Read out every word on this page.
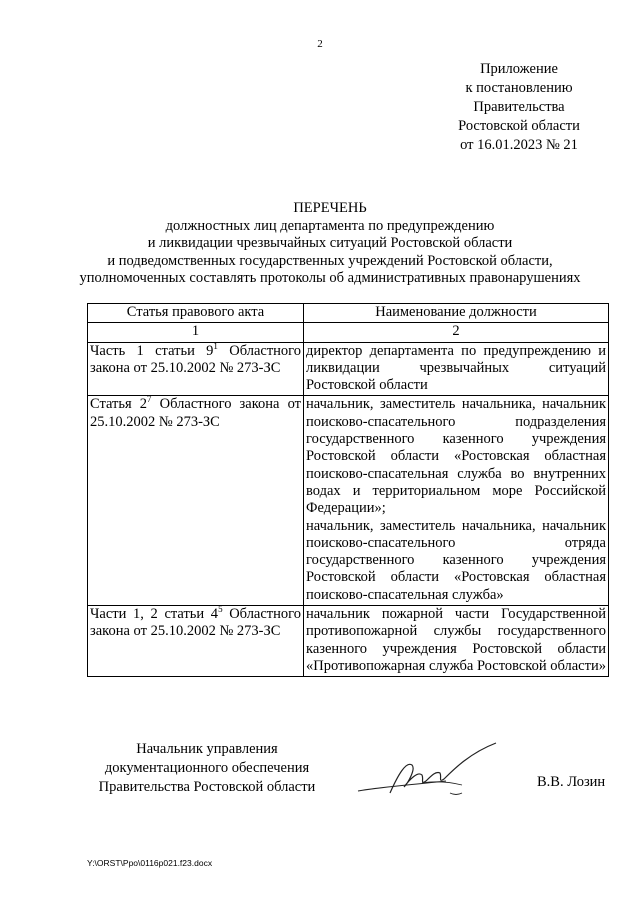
2
Приложение
к постановлению
Правительства
Ростовской области
от 16.01.2023 № 21
ПЕРЕЧЕНЬ
должностных лиц департамента по предупреждению
и ликвидации чрезвычайных ситуаций Ростовской области
и подведомственных государственных учреждений Ростовской области,
уполномоченных составлять протоколы об административных правонарушениях
Статья правового акта	Наименование должности
1	2
Часть 1 статьи $9^1$ Областного закона от 25.10.2002 № 273-ЗС	директор департамента по предупреждению и ликвидации чрезвычайных ситуаций Ростовской области

Статья $2^7$ Областного закона от 25.10.2002 № 273-ЗС	начальник, заместитель начальника, начальник поисково-спасательного подразделения государственного казенного учреждения Ростовской области «Ростовская областная поисково-спасательная служба во внутренних водах и территориальном море Российской Федерации»;
начальник, заместитель начальника, начальник поисково-спасательного отряда государственного казенного учреждения Ростовской области «Ростовская областная поисково-спасательная служба»

Части 1, 2 статьи $4^5$ Областного закона от 25.10.2002 № 273-ЗС	начальник пожарной части Государственной противопожарной службы государственного казенного учреждения Ростовской области «Противопожарная служба Ростовской области»
Начальник управления
документационного обеспечения
Правительства Ростовской области	В.В. Лозин
Y:\ORST\Ppo\0116p021.f23.docx
